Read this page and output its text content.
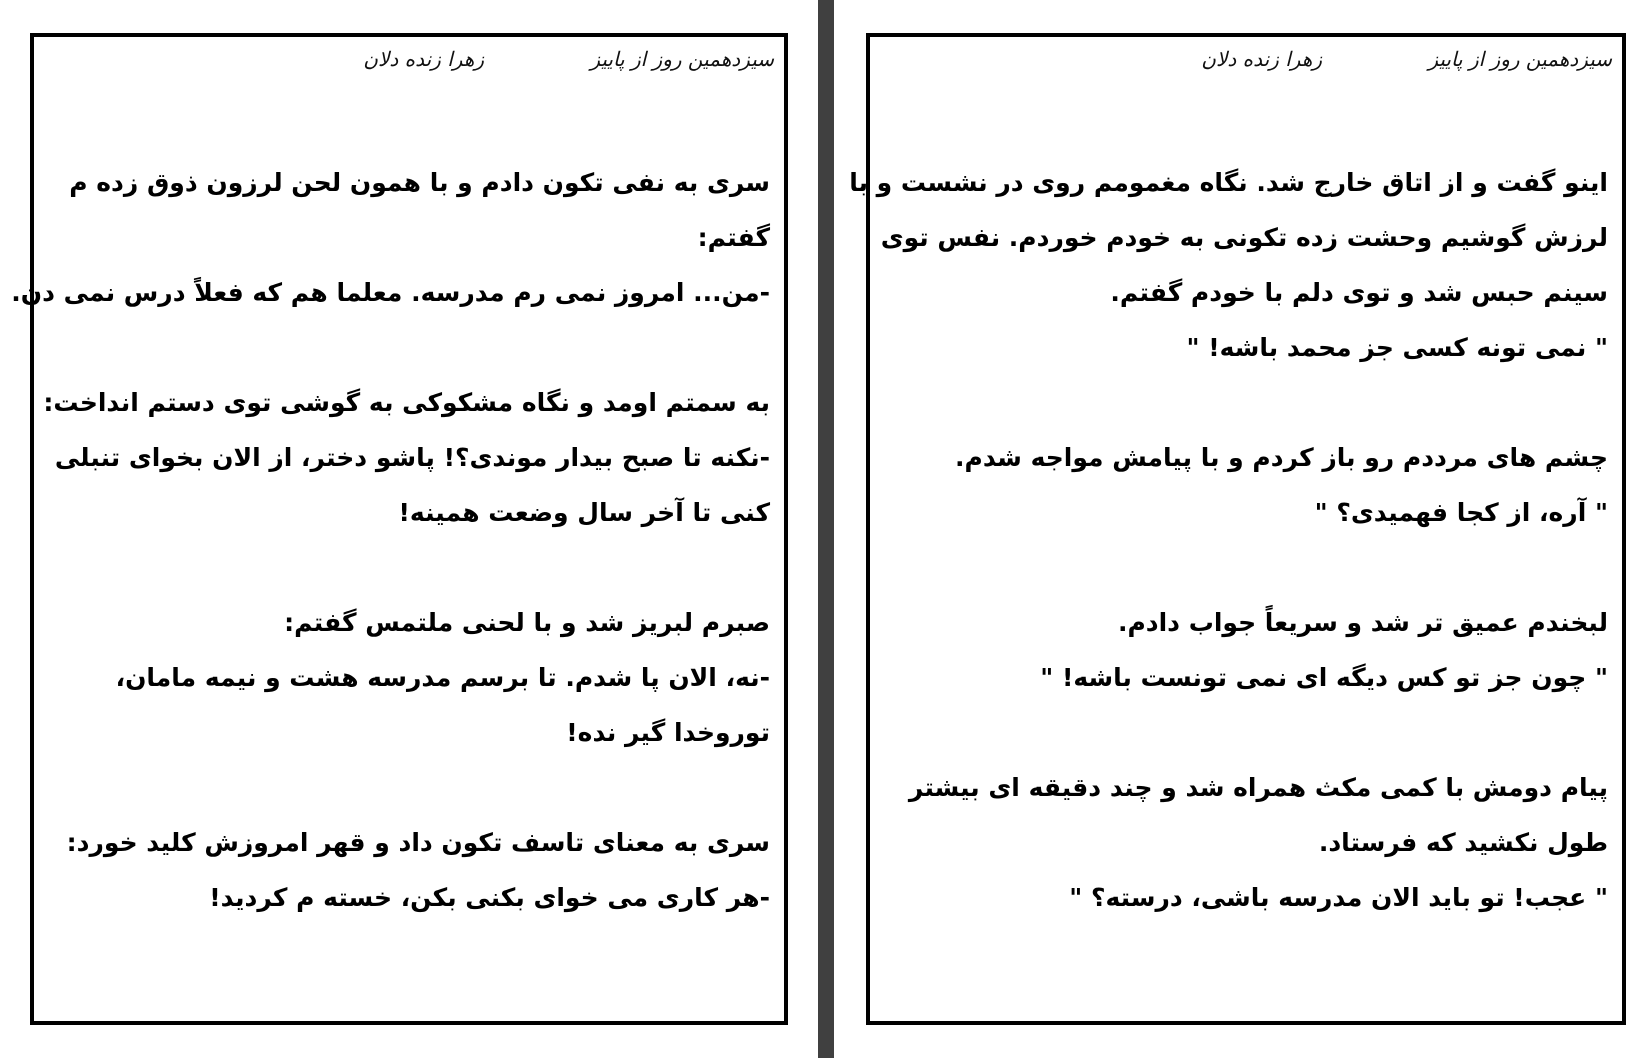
سیزدهمین روز از پاییز
زهرا زنده دلان
سری به نفی تکون دادم و با همون لحن لرزون ذوق زده م
گفتم:
-من... امروز نمی رم مدرسه. معلما هم که فعلاً درس نمی دن.
به سمتم اومد و نگاه مشکوکی به گوشی توی دستم انداخت:
-نکنه تا صبح بیدار موندی؟! پاشو دختر، از الان بخوای تنبلی
کنی تا آخر سال وضعت همینه!
صبرم لبریز شد و با لحنی ملتمس گفتم:
-نه، الان پا شدم. تا برسم مدرسه هشت و نیمه مامان،
توروخدا گیر نده!
سری به معنای تاسف تکون داد و قهر امروزش کلید خورد:
-هر کاری می خوای بکنی بکن، خسته م کردید!
سیزدهمین روز از پاییز
زهرا زنده دلان
اینو گفت و از اتاق خارج شد. نگاه مغمومم روی در نشست و با
لرزش گوشیم وحشت زده تکونی به خودم خوردم. نفس توی
سینم حبس شد و توی دلم با خودم گفتم.
" نمی تونه کسی جز محمد باشه! "
چشم های مرددم رو باز کردم و با پیامش مواجه شدم.
" آره، از کجا فهمیدی؟ "
لبخندم عمیق تر شد و سریعاً جواب دادم.
" چون جز تو کس دیگه ای نمی تونست باشه! "
پیام دومش با کمی مکث همراه شد و چند دقیقه ای بیشتر
طول نکشید که فرستاد.
" عجب! تو باید الان مدرسه باشی، درسته؟ "
